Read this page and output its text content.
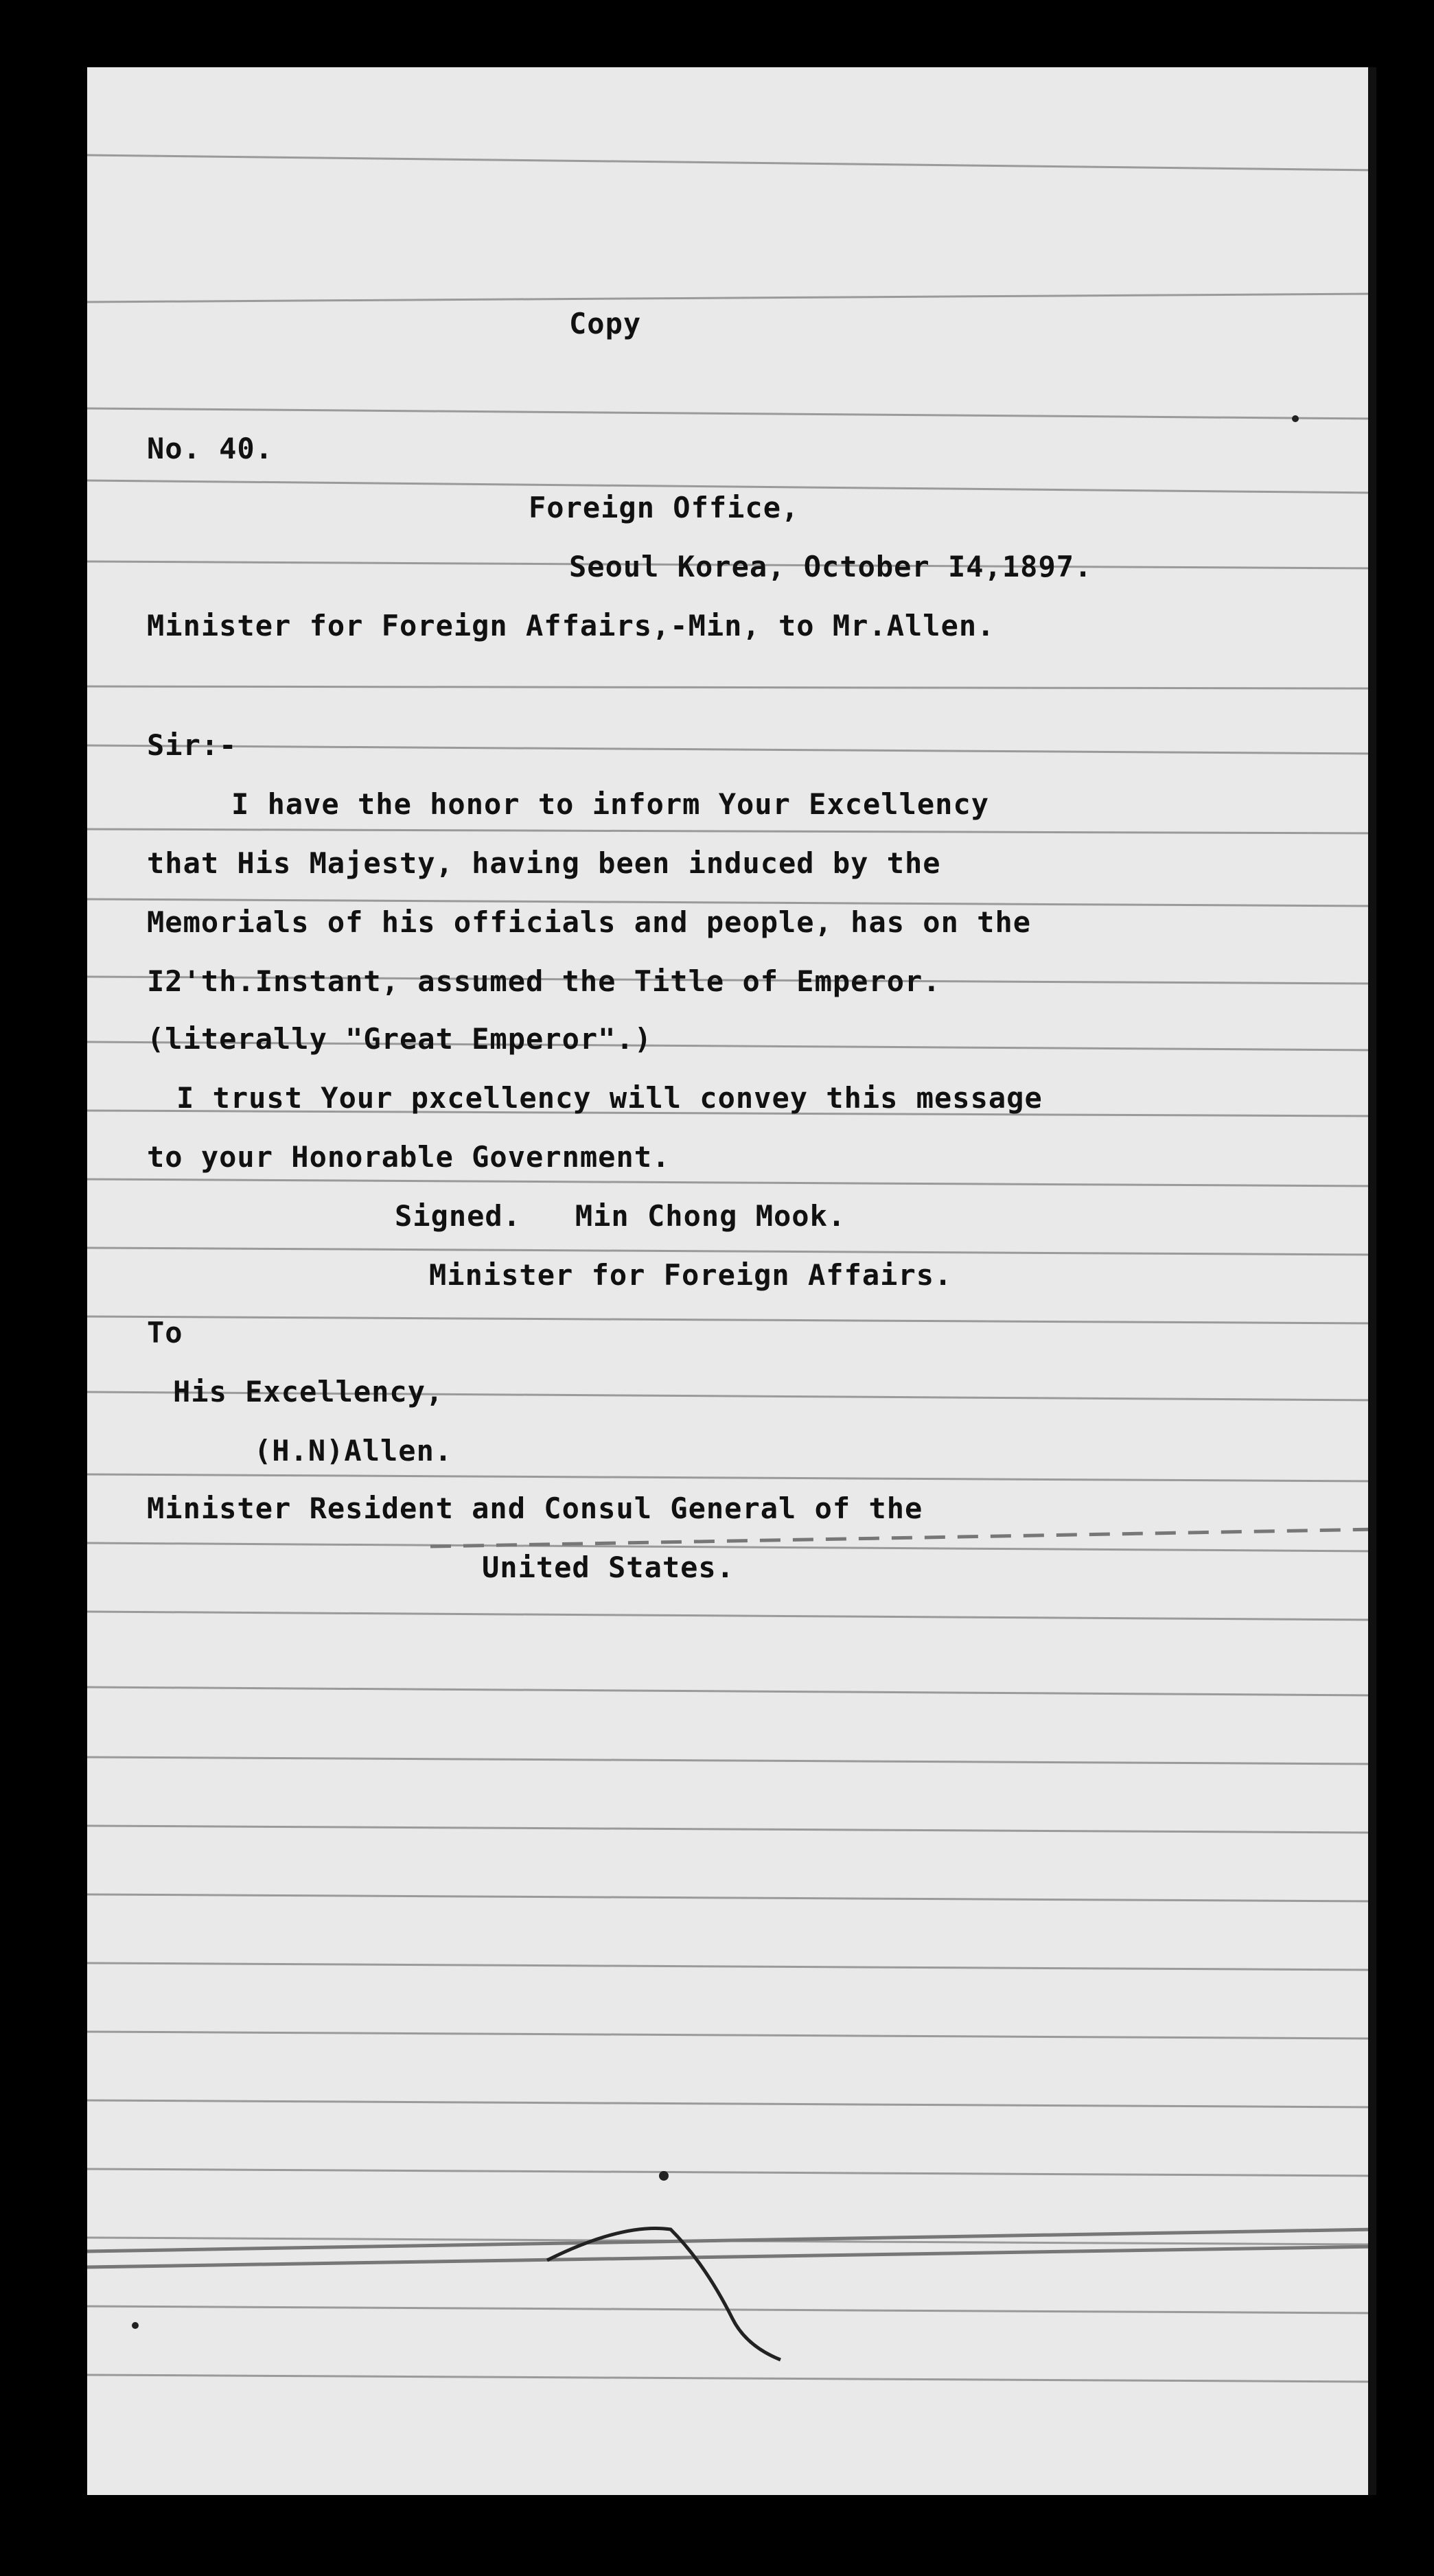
Copy
No. 40.
Foreign Office,
Seoul Korea, October I4,1897.
Minister for Foreign Affairs,-Min, to Mr.Allen.
Sir:-
I have the honor to inform Your Excellency
that His Majesty, having been induced by the
Memorials of his officials and people, has on the
I2'th.Instant, assumed the Title of Emperor.
(literally "Great Emperor".)
I trust Your pxcellency will convey this message
to your Honorable Government.
Signed.   Min Chong Mook.
Minister for Foreign Affairs.
To
His Excellency,
(H.N)Allen.
Minister Resident and Consul General of the
United States.
